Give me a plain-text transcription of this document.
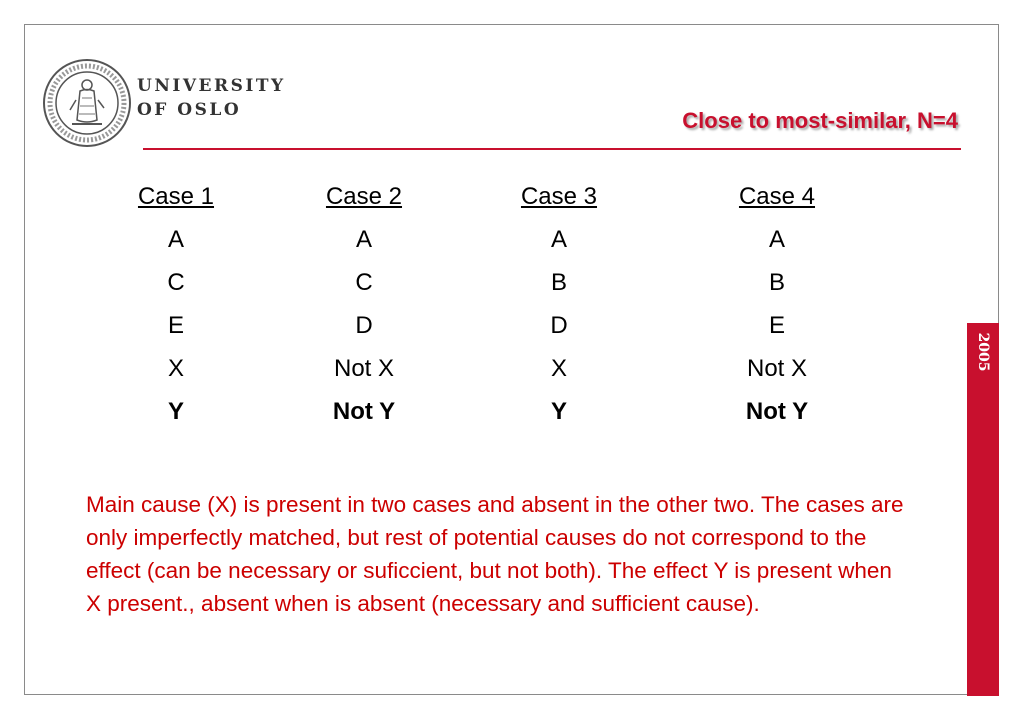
UNIVERSITY
OF OSLO	Close to most-similar, N=4
Case 1
A
C
E
X
Y
Case 2
A
C
D
Not X
Not Y
Case 3
A
B
D
X
Y
Case 4
A
B
E
Not X
Not Y
Main cause (X) is present in two cases and absent in the other two. The cases are only imperfectly matched, but rest of potential causes do not correspond to the effect (can be necessary or suficcient, but not both). The effect Y is present when X present., absent when is absent (necessary and sufficient cause).
2005
